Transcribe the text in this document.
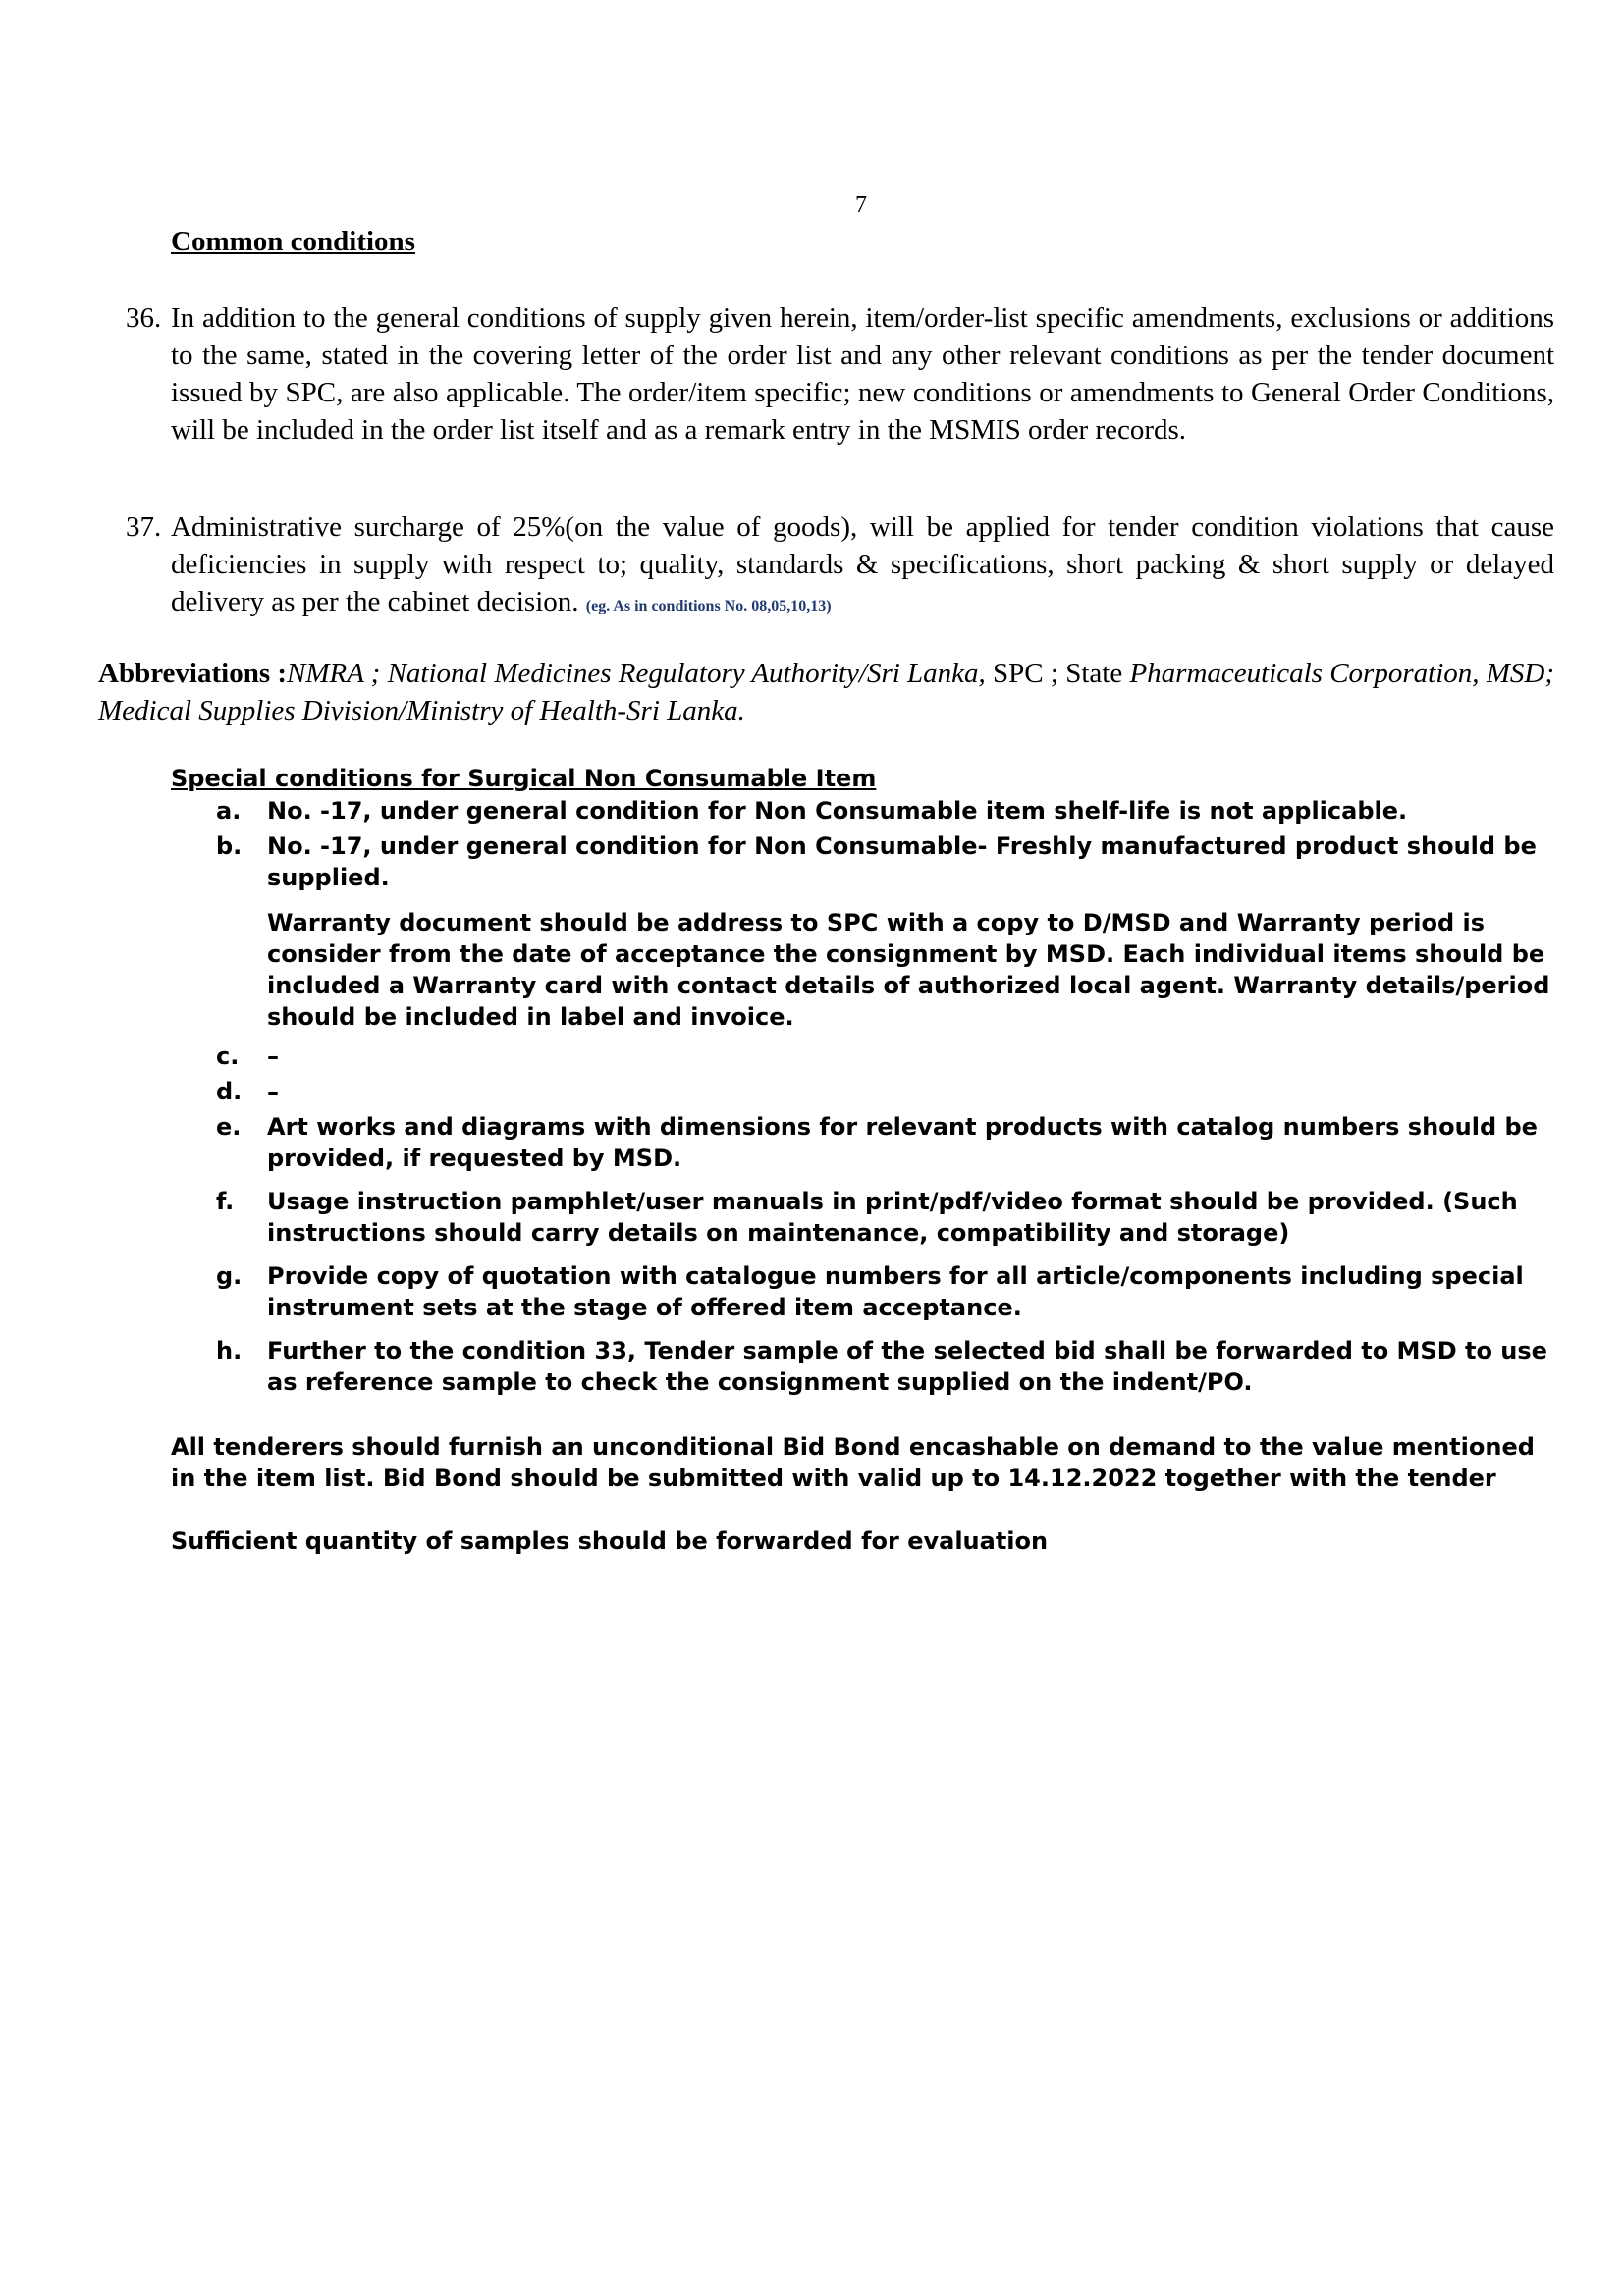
7
Common conditions
36. In addition to the general conditions of supply given herein, item/order-list specific amendments, exclusions or additions to the same, stated in the covering letter of the order list and any other relevant conditions as per the tender document issued by SPC, are also applicable. The order/item specific; new conditions or amendments to General Order Conditions, will be included in the order list itself and as a remark entry in the MSMIS order records.
37. Administrative surcharge of 25%(on the value of goods), will be applied for tender condition violations that cause deficiencies in supply with respect to; quality, standards & specifications, short packing & short supply or delayed delivery as per the cabinet decision. (eg. As in conditions No. 08,05,10,13)
Abbreviations :NMRA ; National Medicines Regulatory Authority/Sri Lanka, SPC ; State Pharmaceuticals Corporation, MSD; Medical Supplies Division/Ministry of Health-Sri Lanka.
Special conditions for Surgical Non Consumable Item
a.	No. -17, under general condition for Non Consumable item shelf-life is not applicable.
b.	No. -17, under general condition for Non Consumable- Freshly manufactured product should be supplied.
Warranty document should be address to SPC with a copy to D/MSD and Warranty period is consider from the date of acceptance the consignment by MSD. Each individual items should be included a Warranty card with contact details of authorized local agent. Warranty details/period should be included in label and invoice.
c.	–
d.	–
e.	Art works and diagrams with dimensions for relevant products with catalog numbers should be provided, if requested by MSD.
f.	Usage instruction pamphlet/user manuals in print/pdf/video format should be provided. (Such instructions should carry details on maintenance, compatibility and storage)
g.	Provide copy of quotation with catalogue numbers for all article/components including special instrument sets at the stage of offered item acceptance.
h.	Further to the condition 33, Tender sample of the selected bid shall be forwarded to MSD to use as reference sample to check the consignment supplied on the indent/PO.
All tenderers should furnish an unconditional Bid Bond encashable on demand to the value mentioned in the item list. Bid Bond should be submitted with valid up to 14.12.2022 together with the tender
Sufficient quantity of samples should be forwarded for evaluation
